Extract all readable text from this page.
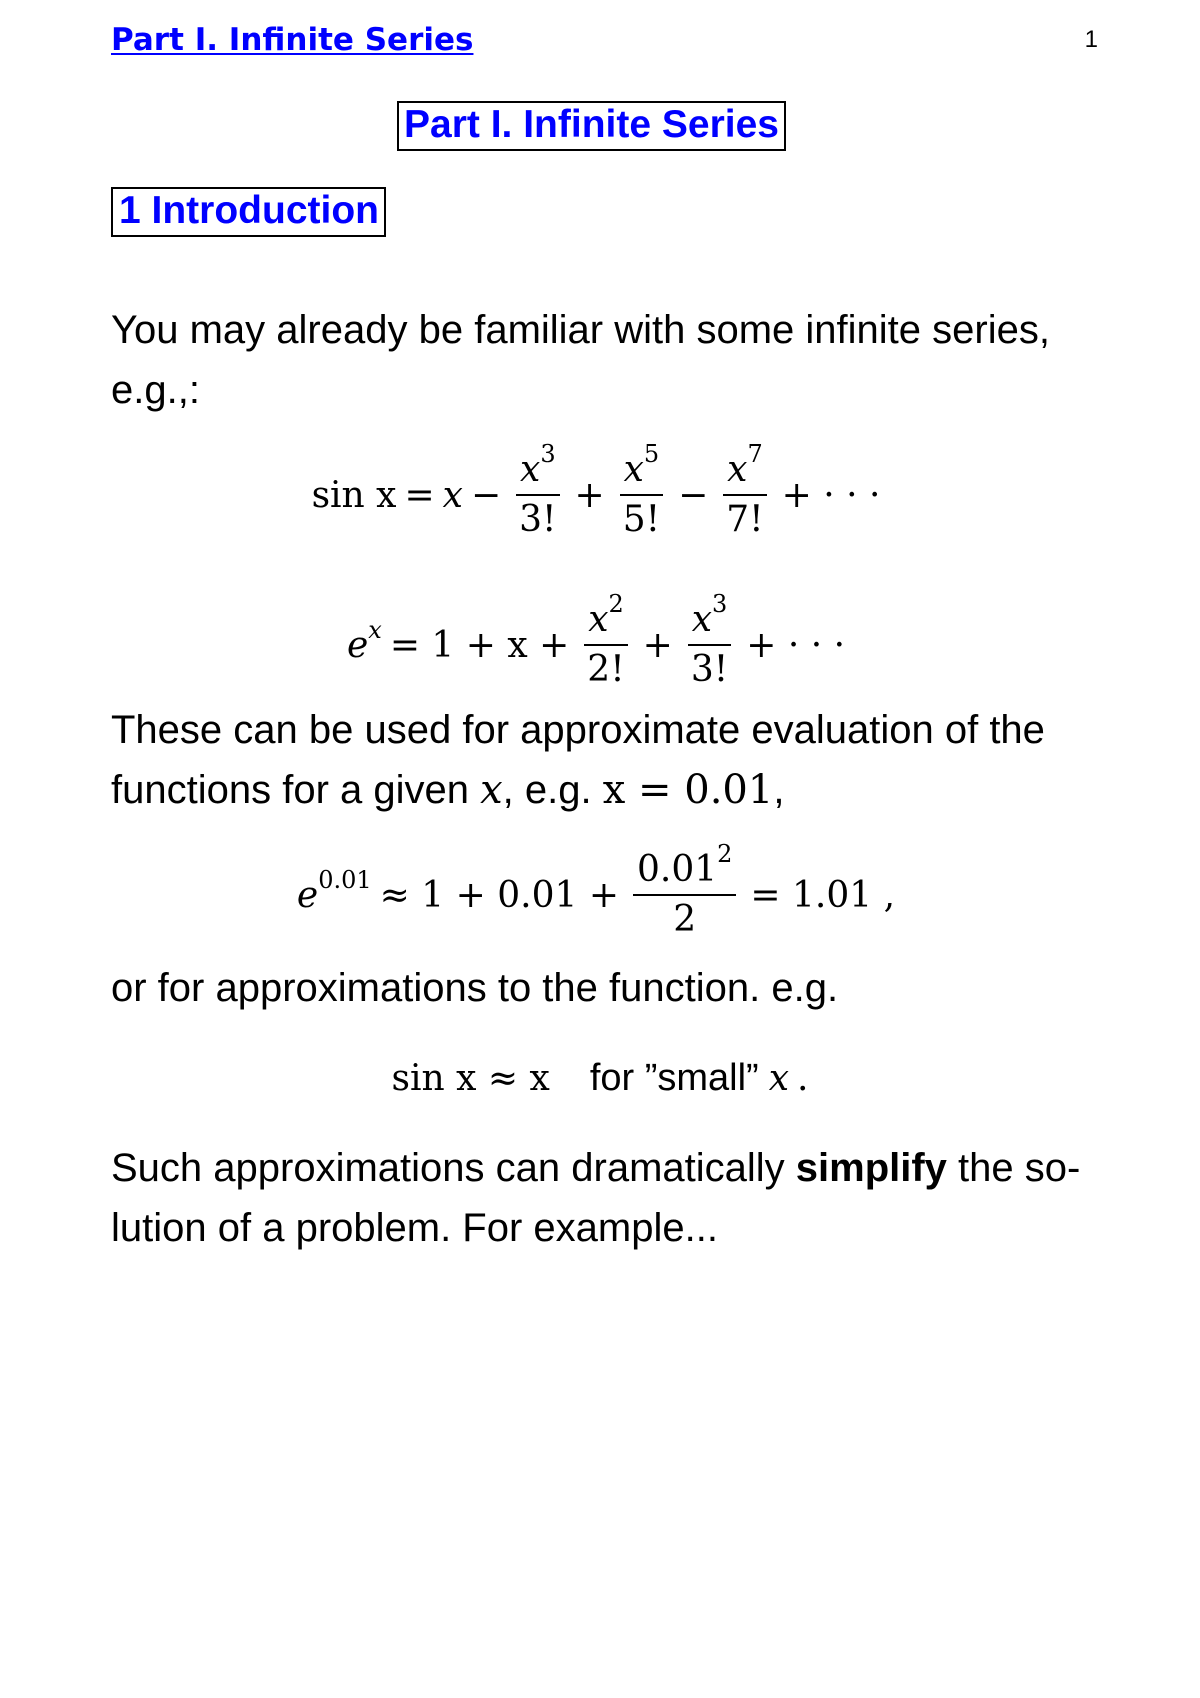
Part I. Infinite Series	1
Part I. Infinite Series
1 Introduction
You may already be familiar with some infinite series,
e.g.,:
$\sin x = x - \frac{x^3}{3!} + \frac{x^5}{5!} - \frac{x^7}{7!}$ + · · ·
$e^x = 1 + x + \frac{x^2}{2!} + \frac{x^3}{3!}$ + · · ·
These can be used for approximate evaluation of the
functions for a given x, e.g. x = 0.01,
$e^{0.01} \approx 1 + 0.01 + \frac{0.01^2}{2} = 1.01$ ,
or for approximations to the function. e.g.
sin x ≈ x for ”small” x .
Such approximations can dramatically simplify the so-
lution of a problem. For example...
